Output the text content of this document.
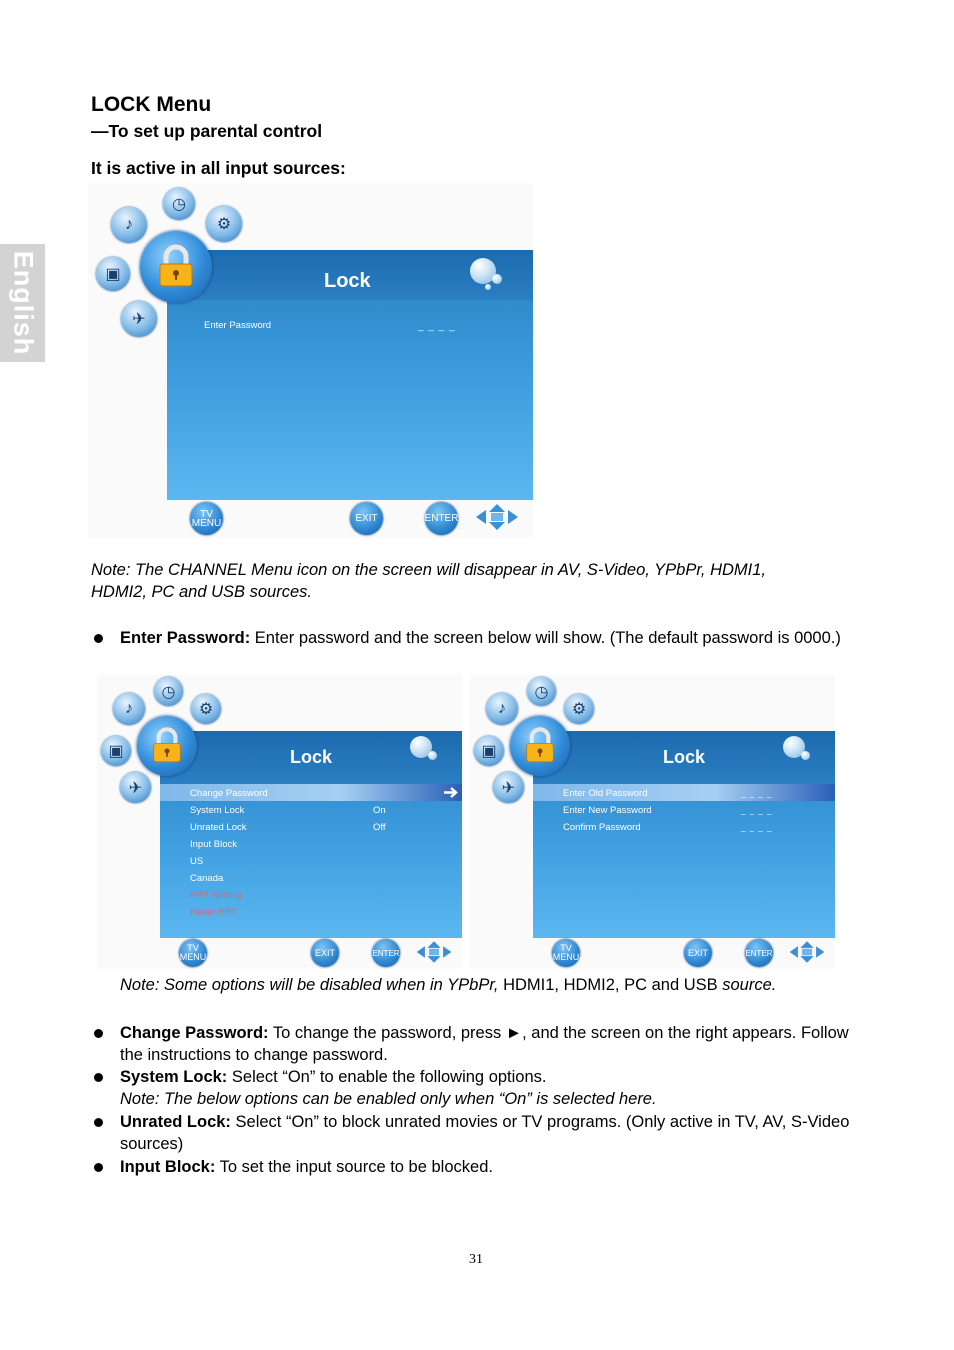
English
LOCK Menu
—To set up parental control
It is active in all input sources:
Lock
Enter Password	_ _ _ _
♪
◷
⚙
▣
✈
TV
MENU	EXIT	ENTER
Note: The CHANNEL Menu icon on the screen will disappear in AV, S-Video, YPbPr, HDMI1, HDMI2, PC and USB sources.
Enter Password: Enter password and the screen below will show. (The default password is 0000.)
Lock
Change Password
System Lock	On
Unrated Lock	Off
Input Block
US
Canada
RRT Setting
Reset RRT
♪
◷
⚙
▣
✈
TV
MENU	EXIT	ENTER
Lock
Enter Old Password	_ _ _ _
Enter New Password	_ _ _ _
Confirm Password	_ _ _ _
♪
◷
⚙
▣
✈
TV
MENU	EXIT	ENTER
Note: Some options will be disabled when in YPbPr, HDMI1, HDMI2, PC and USB source.
Change Password: To change the password, press ►, and the screen on the right appears. Follow the instructions to change password.
System Lock: Select “On” to enable the following options.
Note: The below options can be enabled only when “On” is selected here.
Unrated Lock: Select “On” to block unrated movies or TV programs. (Only active in TV, AV, S-Video sources)
Input Block: To set the input source to be blocked.
31
